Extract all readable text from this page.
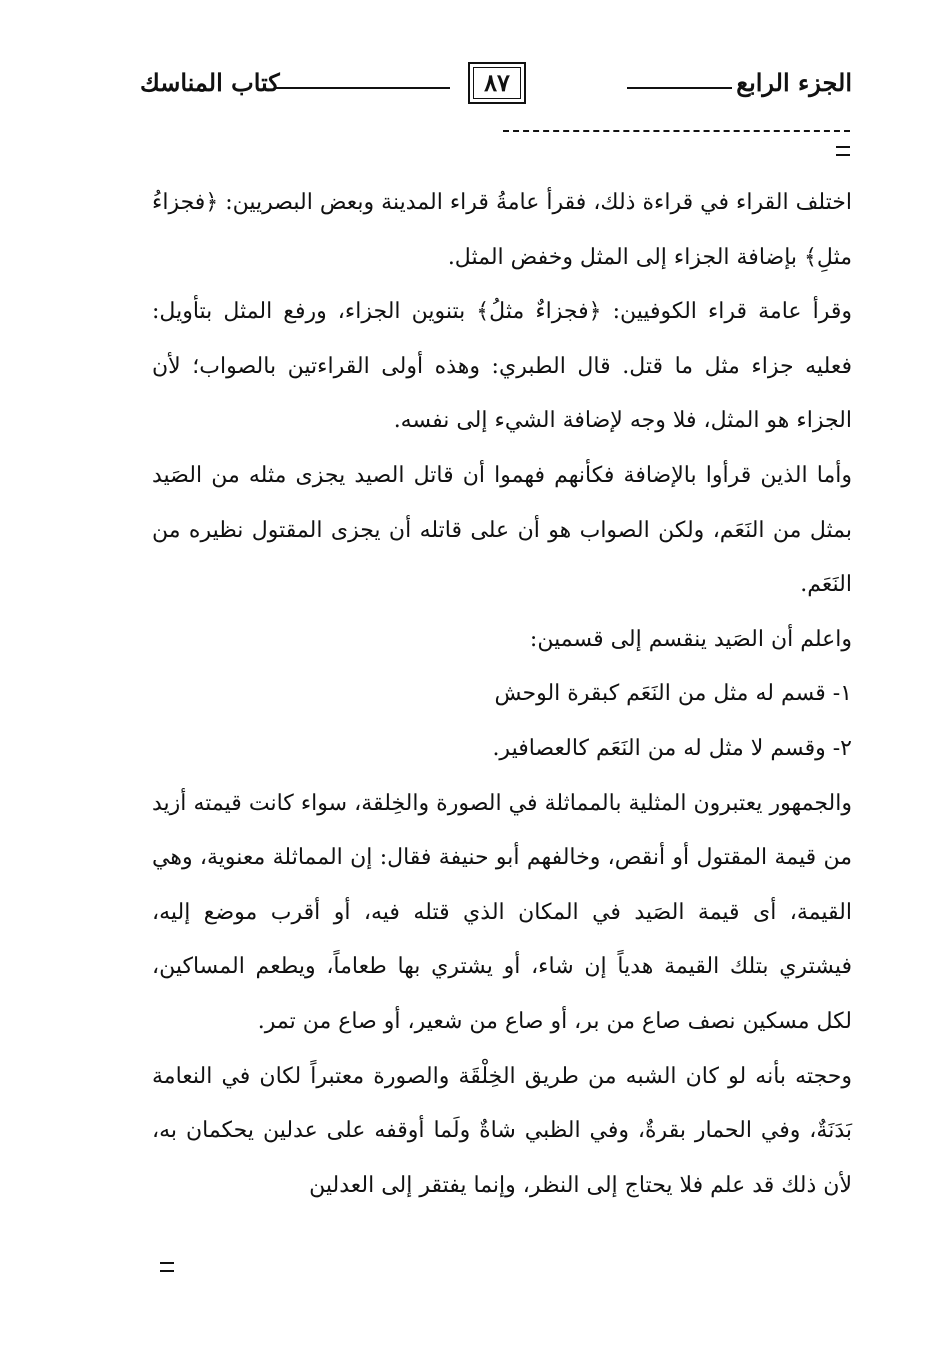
الجزء الرابع
٨٧
كتاب المناسك

اختلف القراء في قراءة ذلك، فقرأ عامةُ قراء المدينة وبعض البصريين: ﴿فجزاءُ مثلِ﴾ بإضافة الجزاء إلى المثل وخفض المثل.

وقرأ عامة قراء الكوفيين: ﴿فجزاءٌ مثلُ﴾ بتنوين الجزاء، ورفع المثل بتأويل: فعليه جزاء مثل ما قتل. قال الطبري: وهذه أولى القراءتين بالصواب؛ لأن الجزاء هو المثل، فلا وجه لإضافة الشيء إلى نفسه.

وأما الذين قرأوا بالإضافة فكأنهم فهموا أن قاتل الصيد يجزى مثله من الصَيد بمثل من النَعَم، ولكن الصواب هو أن على قاتله أن يجزى المقتول نظيره من النَعَم.

واعلم أن الصَيد ينقسم إلى قسمين:

١- قسم له مثل من النَعَم كبقرة الوحش

٢- وقسم لا مثل له من النَعَم كالعصافير.

والجمهور يعتبرون المثلية بالمماثلة في الصورة والخِلقة، سواء كانت قيمته أزيد من قيمة المقتول أو أنقص، وخالفهم أبو حنيفة فقال: إن المماثلة معنوية، وهي القيمة، أى قيمة الصَيد في المكان الذي قتله فيه، أو أقرب موضع إليه، فيشتري بتلك القيمة هدياً إن شاء، أو يشتري بها طعاماً، ويطعم المساكين، لكل مسكين نصف صاع من بر، أو صاع من شعير، أو صاع من تمر.

وحجته بأنه لو كان الشبه من طريق الخِلْقَة والصورة معتبراً لكان في النعامة بَدَنَةٌ، وفي الحمار بقرةٌ، وفي الظبي شاةٌ ولَما أوقفه على عدلين يحكمان به، لأن ذلك قد علم فلا يحتاج إلى النظر، وإنما يفتقر إلى العدلين
